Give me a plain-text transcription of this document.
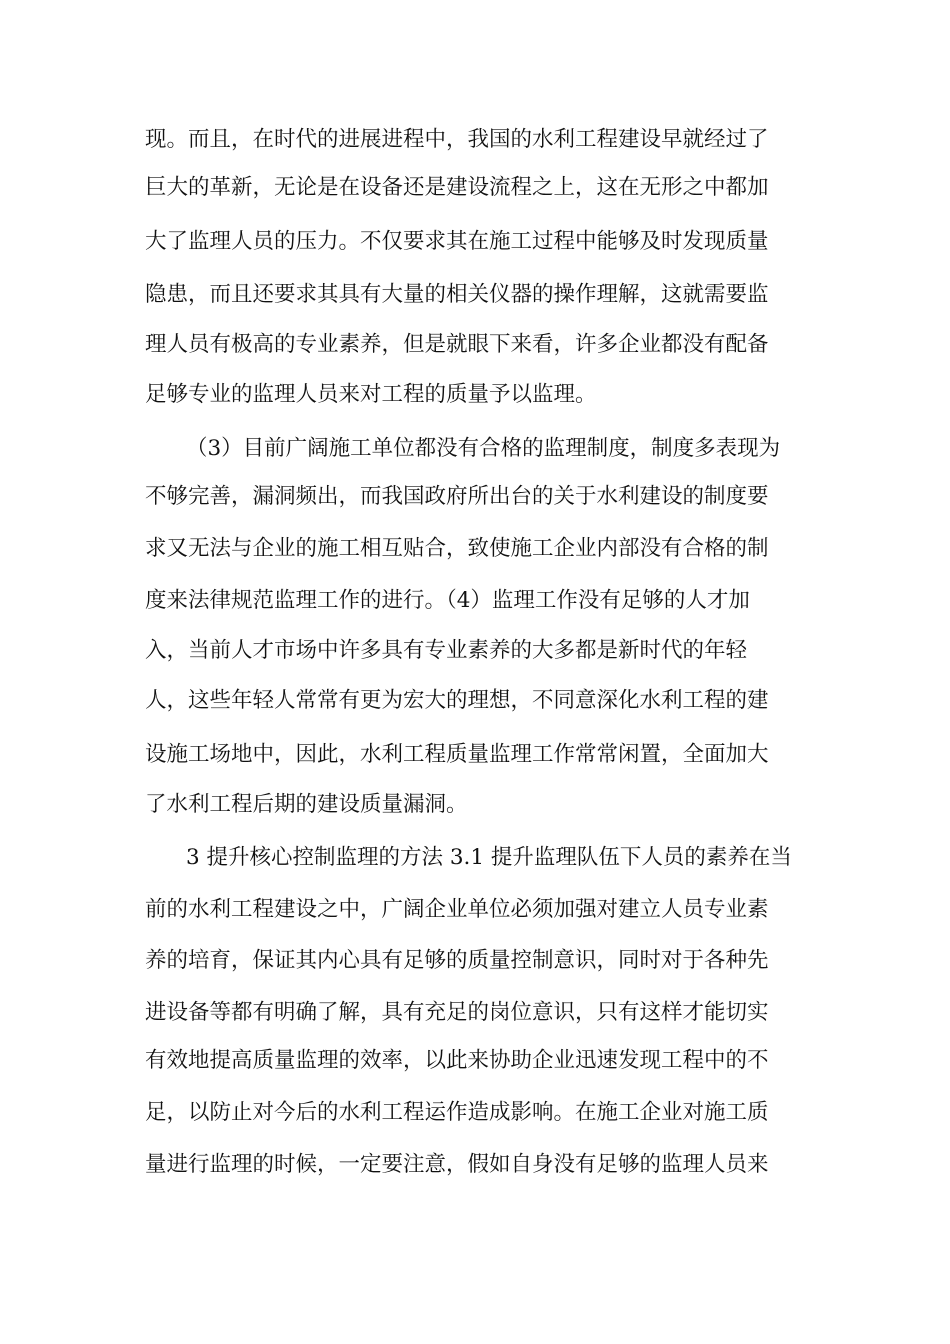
现。而且，在时代的进展进程中，我国的水利工程建设早就经过了
巨大的革新，无论是在设备还是建设流程之上，这在无形之中都加
大了监理人员的压力。不仅要求其在施工过程中能够及时发现质量
隐患，而且还要求其具有大量的相关仪器的操作理解，这就需要监
理人员有极高的专业素养，但是就眼下来看，许多企业都没有配备
足够专业的监理人员来对工程的质量予以监理。
（3）目前广阔施工单位都没有合格的监理制度，制度多表现为
不够完善，漏洞频出，而我国政府所出台的关于水利建设的制度要
求又无法与企业的施工相互贴合，致使施工企业内部没有合格的制
度来法律规范监理工作的进行。（4）监理工作没有足够的人才加
入，当前人才市场中许多具有专业素养的大多都是新时代的年轻
人，这些年轻人常常有更为宏大的理想，不同意深化水利工程的建
设施工场地中，因此，水利工程质量监理工作常常闲置，全面加大
了水利工程后期的建设质量漏洞。
3 提升核心控制监理的方法 3.1 提升监理队伍下人员的素养在当
前的水利工程建设之中，广阔企业单位必须加强对建立人员专业素
养的培育，保证其内心具有足够的质量控制意识，同时对于各种先
进设备等都有明确了解，具有充足的岗位意识，只有这样才能切实
有效地提高质量监理的效率，以此来协助企业迅速发现工程中的不
足，以防止对今后的水利工程运作造成影响。在施工企业对施工质
量进行监理的时候，一定要注意，假如自身没有足够的监理人员来
